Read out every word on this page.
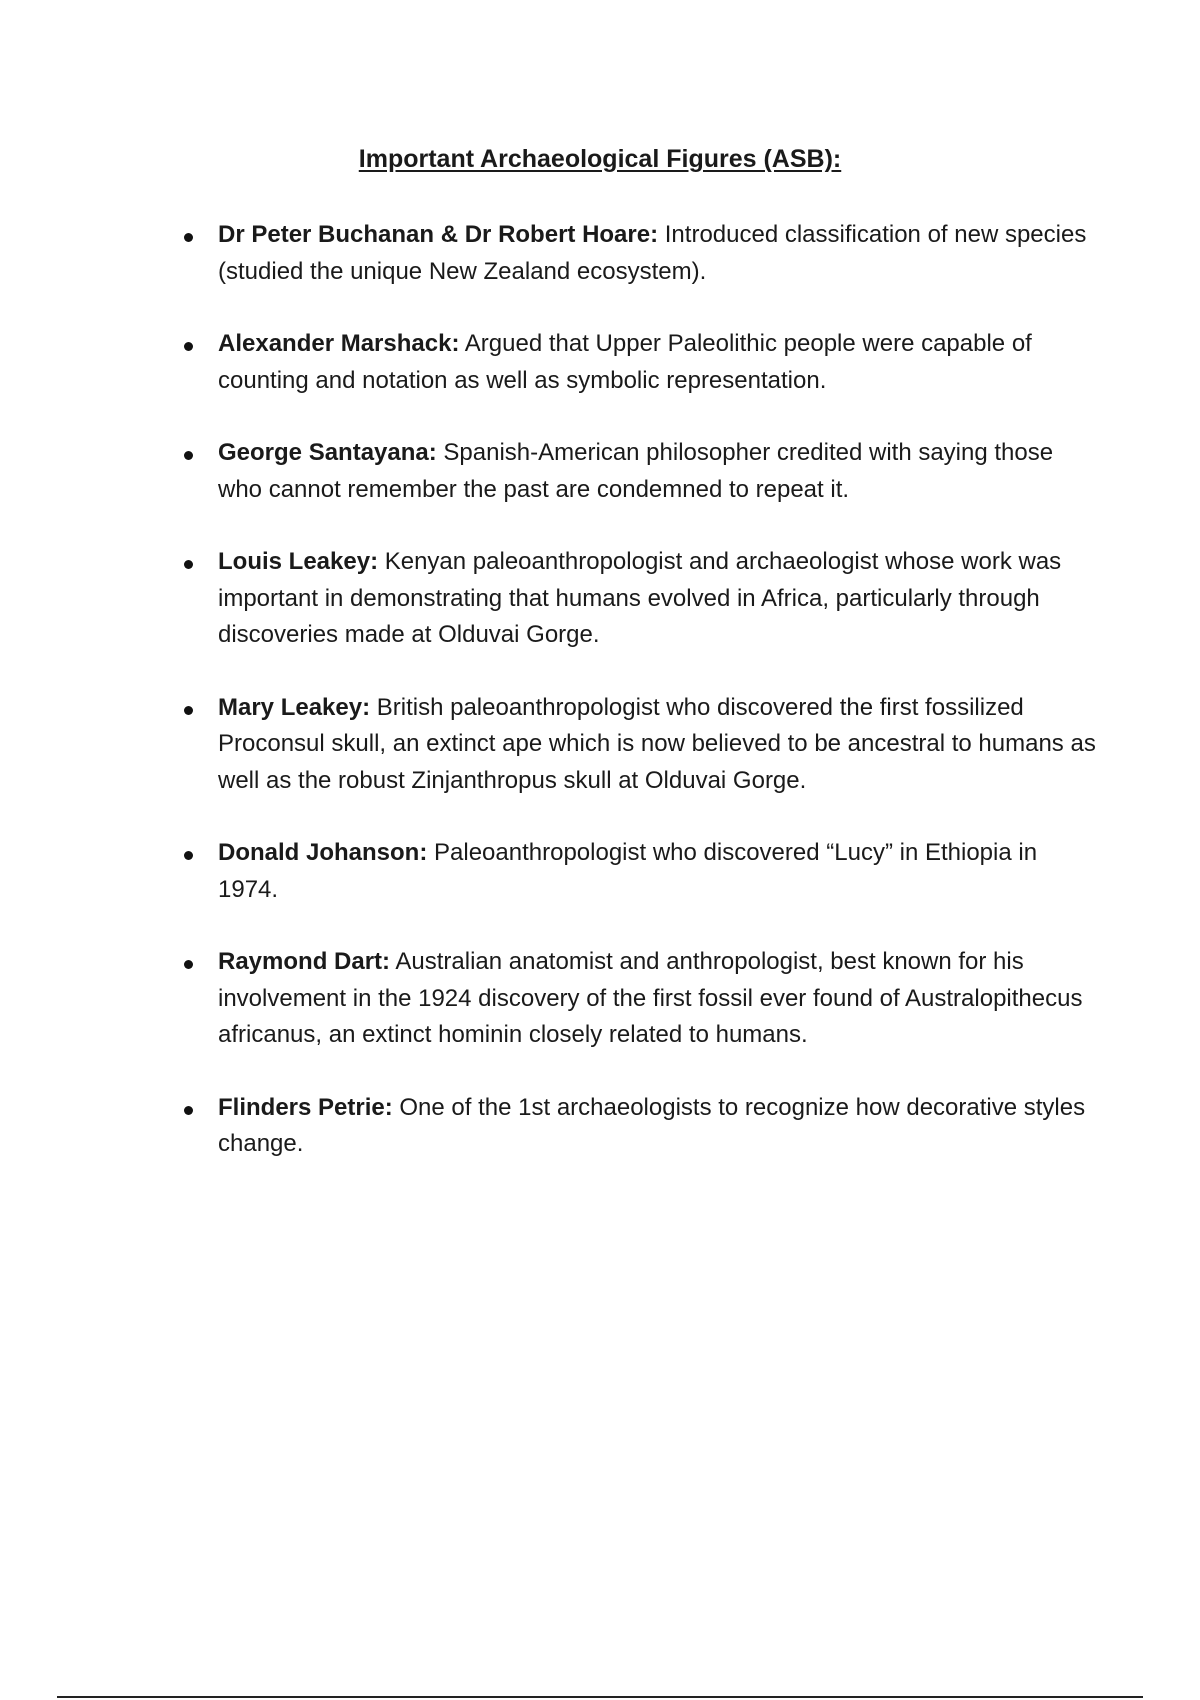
Important Archaeological Figures (ASB):
Dr Peter Buchanan & Dr Robert Hoare: Introduced classification of new species (studied the unique New Zealand ecosystem).
Alexander Marshack: Argued that Upper Paleolithic people were capable of counting and notation as well as symbolic representation.
George Santayana: Spanish-American philosopher credited with saying those who cannot remember the past are condemned to repeat it.
Louis Leakey: Kenyan paleoanthropologist and archaeologist whose work was important in demonstrating that humans evolved in Africa, particularly through discoveries made at Olduvai Gorge.
Mary Leakey: British paleoanthropologist who discovered the first fossilized Proconsul skull, an extinct ape which is now believed to be ancestral to humans as well as the robust Zinjanthropus skull at Olduvai Gorge.
Donald Johanson: Paleoanthropologist who discovered “Lucy” in Ethiopia in 1974.
Raymond Dart: Australian anatomist and anthropologist, best known for his involvement in the 1924 discovery of the first fossil ever found of Australopithecus africanus, an extinct hominin closely related to humans.
Flinders Petrie: One of the 1st archaeologists to recognize how decorative styles change.
